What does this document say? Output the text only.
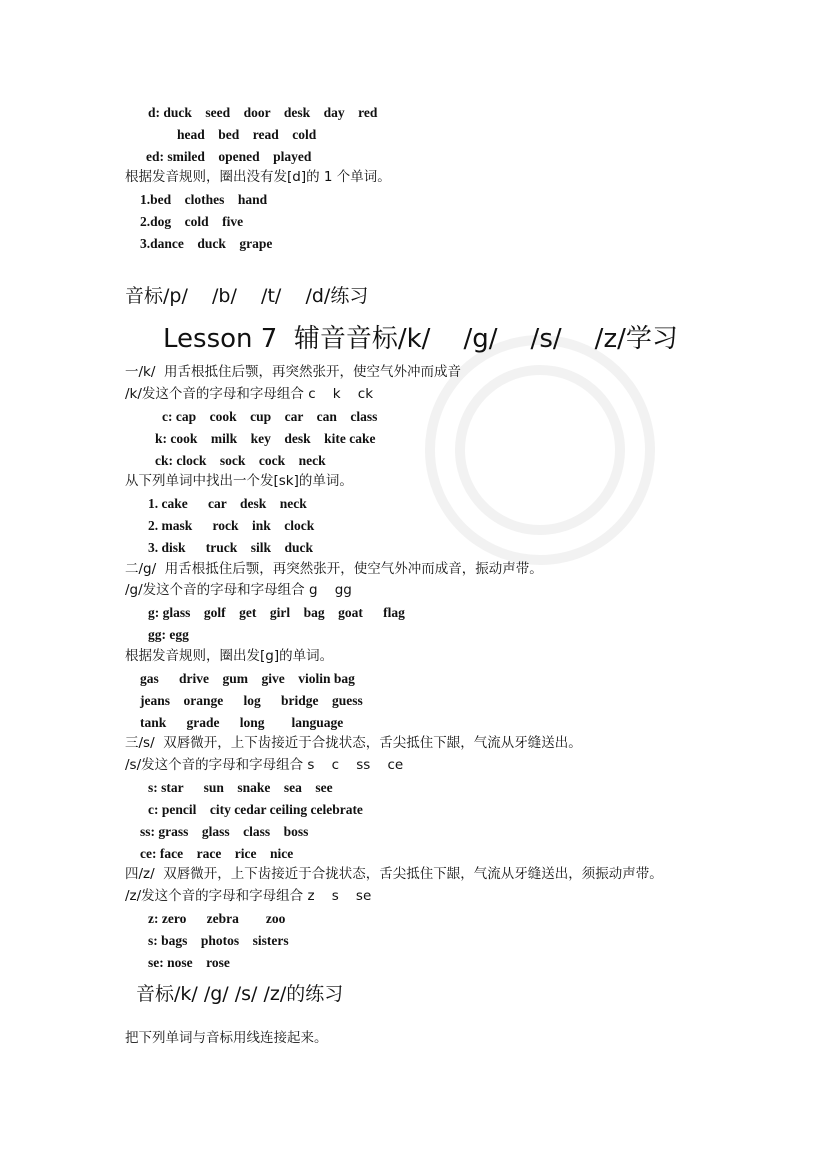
d: duck    seed    door    desk    day    red
head    bed    read    cold
ed: smiled    opened    played
根据发音规则，圈出没有发[d]的 1 个单词。
1.bed    clothes    hand
2.dog    cold    five
3.dance    duck    grape
音标/p/    /b/    /t/    /d/练习
Lesson 7  辅音音标/k/    /g/    /s/    /z/学习
一/k/  用舌根抵住后颚，再突然张开，使空气外冲而成音
/k/发这个音的字母和字母组合 c    k    ck
c: cap    cook    cup    car    can    class
k: cook    milk    key    desk    kite cake
ck: clock    sock    cock    neck
从下列单词中找出一个发[sk]的单词。
1. cake      car    desk    neck
2. mask      rock    ink    clock
3. disk      truck    silk    duck
二/g/  用舌根抵住后颚，再突然张开，使空气外冲而成音，振动声带。
/g/发这个音的字母和字母组合 g    gg
g: glass    golf    get    girl    bag    goat      flag
gg: egg
根据发音规则，圈出发[g]的单词。
gas      drive    gum    give    violin bag
jeans    orange      log      bridge    guess
tank      grade      long        language
三/s/  双唇微开，上下齿接近于合拢状态，舌尖抵住下龈，气流从牙缝送出。
/s/发这个音的字母和字母组合 s    c    ss    ce
s: star      sun    snake    sea    see
c: pencil    city cedar ceiling celebrate
ss: grass    glass    class    boss
ce: face    race    rice    nice
四/z/  双唇微开，上下齿接近于合拢状态，舌尖抵住下龈，气流从牙缝送出，须振动声带。
/z/发这个音的字母和字母组合 z    s    se
z: zero      zebra        zoo
s: bags    photos    sisters
se: nose    rose
音标/k/ /g/ /s/ /z/的练习
把下列单词与音标用线连接起来。
